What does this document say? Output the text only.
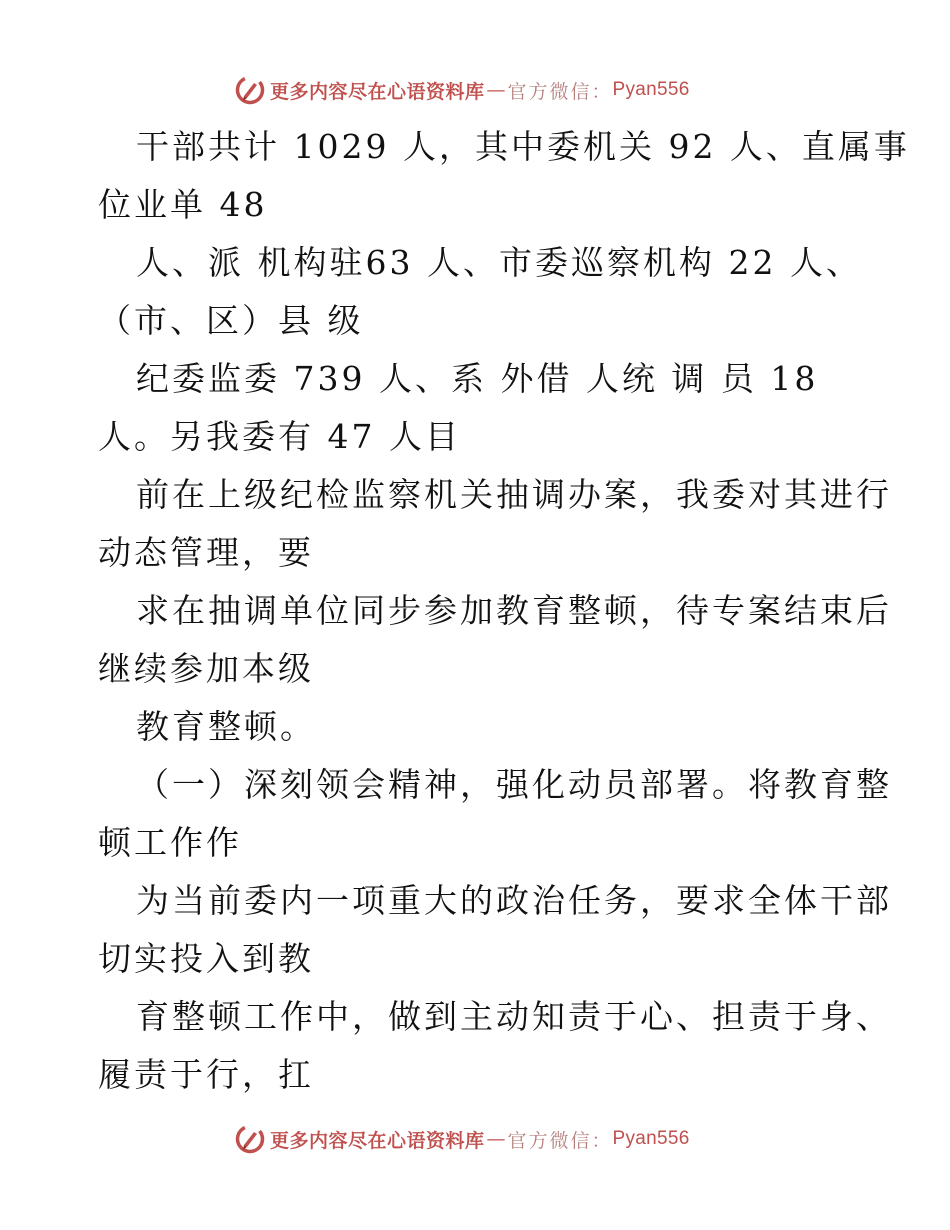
更多内容尽在心语资料库 — 官方微信： Pyan556
干部共计 1029 人，其中委机关 92 人、直属事
位业单 48
人、派 机构驻63 人、市委巡察机构 22 人、
（市、区）县 级
纪委监委 739 人、系 外借 人统 调 员 18
人。另我委有 47 人目
前在上级纪检监察机关抽调办案，我委对其进行
动态管理，要
求在抽调单位同步参加教育整顿，待专案结束后
继续参加本级
教育整顿。
（一）深刻领会精神，强化动员部署。将教育整
顿工作作
为当前委内一项重大的政治任务，要求全体干部
切实投入到教
育整顿工作中，做到主动知责于心、担责于身、
履责于行，扛
更多内容尽在心语资料库 — 官方微信： Pyan556
